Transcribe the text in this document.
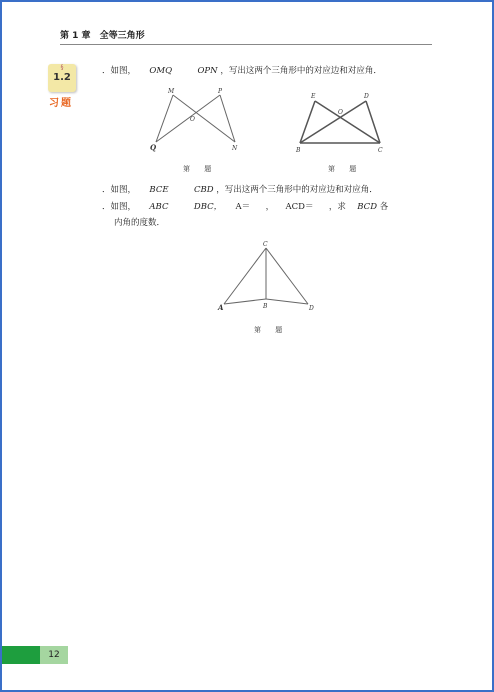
第 1 章 全等三角形
§
1.2
习题
．如图， OMQ	OPN ，写出这两个三角形中的对应边和对应角．
M	P
O
Q	N
第 题
E	D
O
B	C
第 题
．如图， BCE	CBD ，写出这两个三角形中的对应边和对应角．
．如图， ABC	DBC， A＝ ， ACD＝ ，求 BCD 各
内角的度数．
C
A	B	D
第 题
12
